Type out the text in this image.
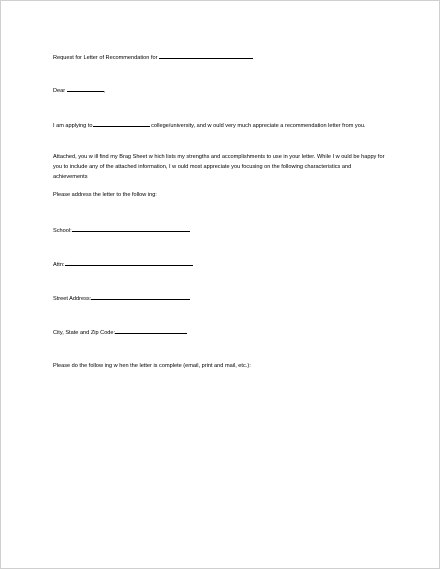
Request for Letter of Recommendation for
Dear	,
I am applying to	college/university, and w ould very much appreciate a recommendation letter from you.
Attached, you w ill find my Brag Sheet w hich lists my strengths and accomplishments to use in your letter. While I w ould be happy for
you to include any of the attached information, I w ould most appreciate you focusing on the following characteristics and
achievements
Please address the letter to the follow ing:
School:
Attn:
Street Address:
City, State and Zip Code:
Please do the follow ing w hen the letter is complete (email, print and mail, etc.):
